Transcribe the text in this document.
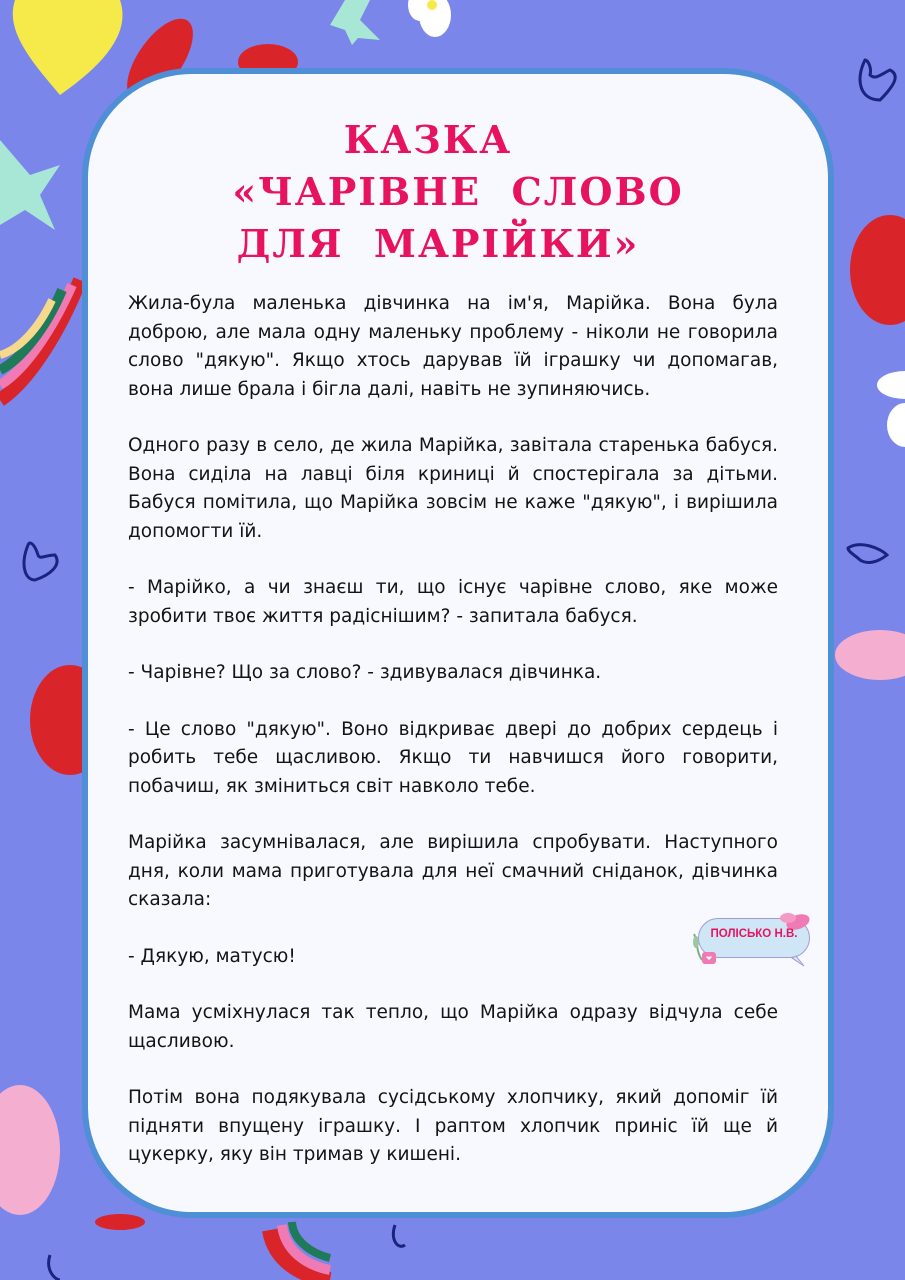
КАЗКА
«ЧАРІВНЕ  СЛОВО
ДЛЯ  МАРІЙКИ»

Жила-була маленька дівчинка на ім'я, Марійка. Вона була доброю, але мала одну маленьку проблему - ніколи не говорила слово "дякую". Якщо хтось дарував їй іграшку чи допомагав, вона лише брала і бігла далі, навіть не зупиняючись.

Одного разу в село, де жила Марійка, завітала старенька бабуся. Вона сиділа на лавці біля криниці й спостерігала за дітьми. Бабуся помітила, що Марійка зовсім не каже "дякую", і вирішила допомогти їй.

- Марійко, а чи знаєш ти, що існує чарівне слово, яке може зробити твоє життя радіснішим? - запитала бабуся.

- Чарівне? Що за слово? - здивувалася дівчинка.

- Це слово "дякую". Воно відкриває двері до добрих сердець і робить тебе щасливою. Якщо ти навчишся його говорити, побачиш, як зміниться світ навколо тебе.

Марійка засумнівалася, але вирішила спробувати. Наступного дня, коли мама приготувала для неї смачний сніданок, дівчинка сказала:

- Дякую, матусю!

Мама усміхнулася так тепло, що Марійка одразу відчула себе щасливою.

Потім вона подякувала сусідському хлопчику, який допоміг їй підняти впущену іграшку. І раптом хлопчик приніс їй ще й цукерку, яку він тримав у кишені.

ПОЛІСЬКО Н.В.
